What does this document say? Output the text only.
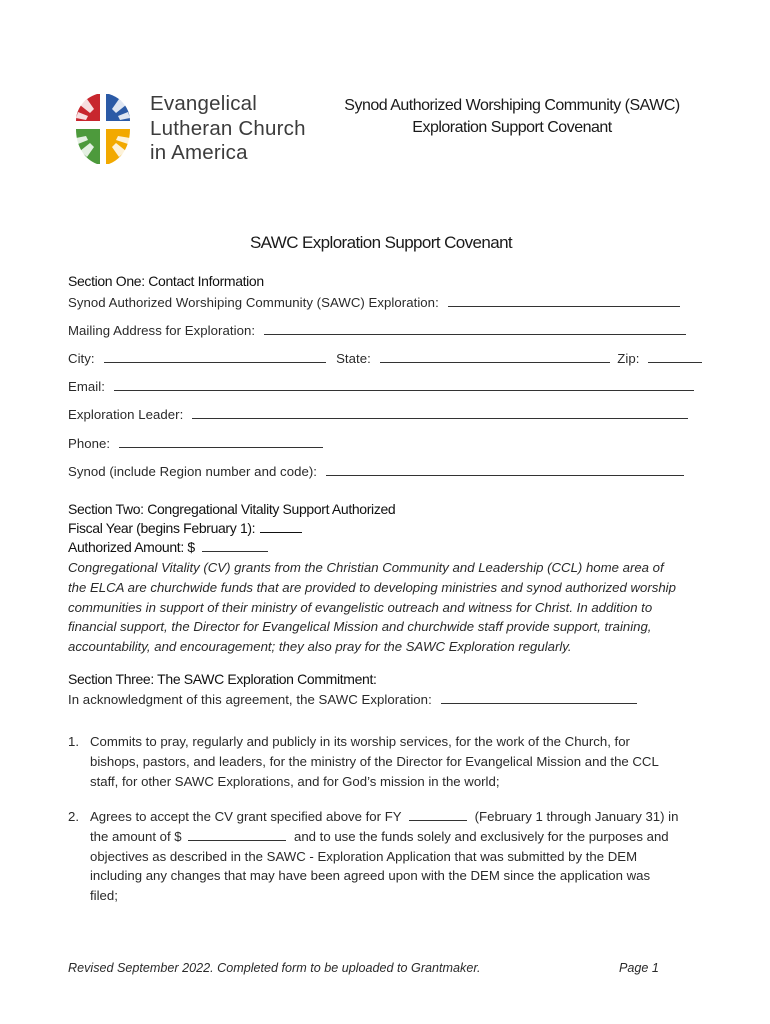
Evangelical
Lutheran Church
in America
Synod Authorized Worshiping Community (SAWC)
Exploration Support Covenant
SAWC Exploration Support Covenant
Section One: Contact Information
Synod Authorized Worshiping Community (SAWC) Exploration:
Mailing Address for Exploration:
City:	State:	Zip:
Email:
Exploration Leader:
Phone:
Synod (include Region number and code):
Section Two: Congregational Vitality Support Authorized
Fiscal Year (begins February 1):
Authorized Amount: $
Congregational Vitality (CV) grants from the Christian Community and Leadership (CCL) home area of
the ELCA are churchwide funds that are provided to developing ministries and synod authorized worship
communities in support of their ministry of evangelistic outreach and witness for Christ. In addition to
financial support, the Director for Evangelical Mission and churchwide staff provide support, training,
accountability, and encouragement; they also pray for the SAWC Exploration regularly.
Section Three: The SAWC Exploration Commitment:
In acknowledgment of this agreement, the SAWC Exploration:
1. Commits to pray, regularly and publicly in its worship services, for the work of the Church, for
bishops, pastors, and leaders, for the ministry of the Director for Evangelical Mission and the CCL
staff, for other SAWC Explorations, and for God’s mission in the world;
2. Agrees to accept the CV grant specified above for FY	(February 1 through January 31) in
the amount of $	and to use the funds solely and exclusively for the purposes and
objectives as described in the SAWC - Exploration Application that was submitted by the DEM
including any changes that may have been agreed upon with the DEM since the application was
filed;
Revised September 2022. Completed form to be uploaded to Grantmaker.	Page 1
